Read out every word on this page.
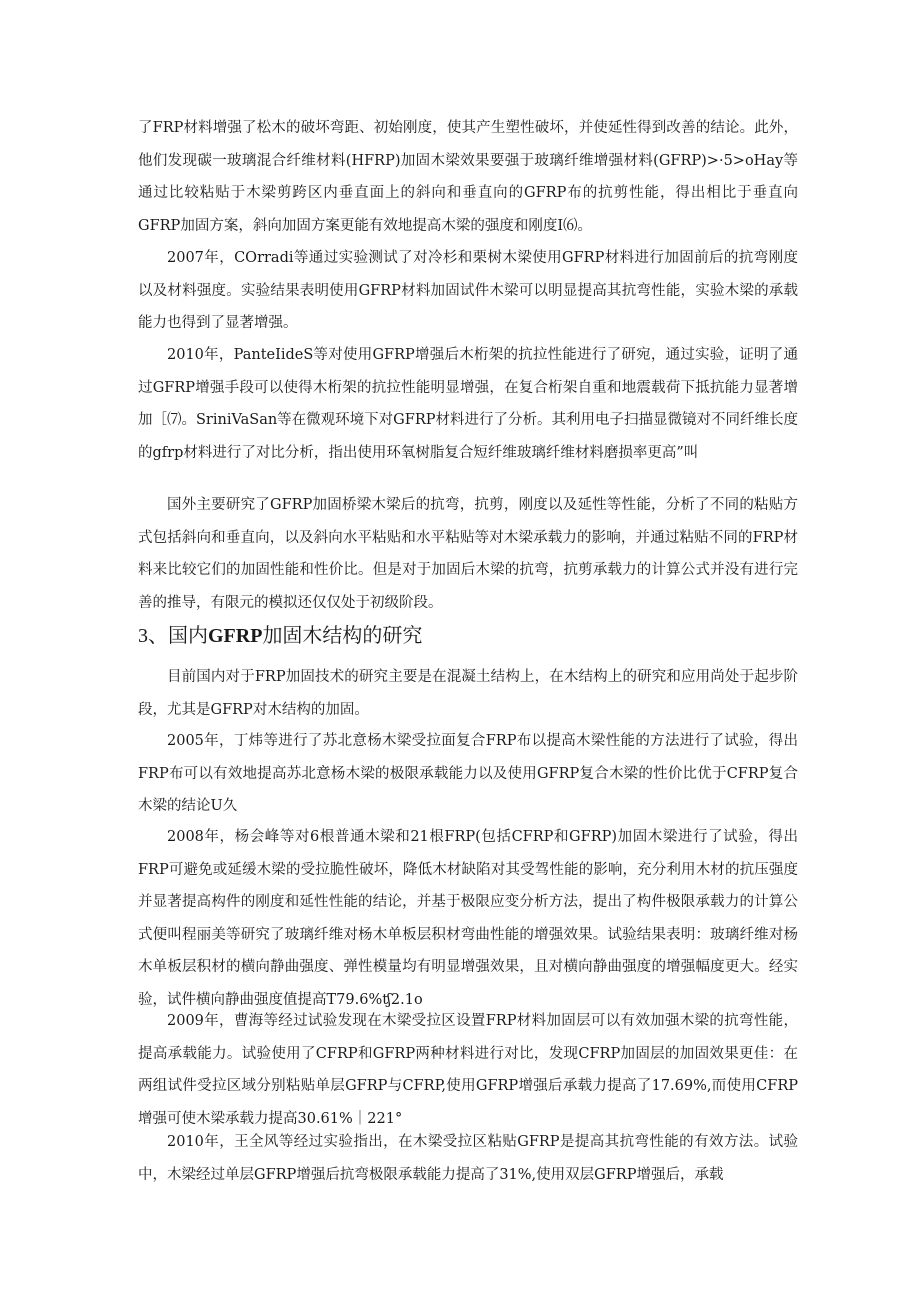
了FRP材料增强了松木的破坏弯距、初始刚度，使其产生塑性破坏，并使延性得到改善的结论。此外，他们发现碳一玻璃混合纤维材料(HFRP)加固木梁效果要强于玻璃纤维增强材料(GFRP)>·5>oHay等通过比较粘贴于木梁剪跨区内垂直面上的斜向和垂直向的GFRP布的抗剪性能，得出相比于垂直向GFRP加固方案，斜向加固方案更能有效地提高木梁的强度和刚度I⑹。
2007年，COrradi等通过实验测试了对冷杉和栗树木梁使用GFRP材料进行加固前后的抗弯刚度以及材料强度。实验结果表明使用GFRP材料加固试件木梁可以明显提高其抗弯性能，实验木梁的承载能力也得到了显著增强。
2010年，PanteIideS等对使用GFRP增强后木桁架的抗拉性能进行了研宛，通过实验，证明了通过GFRP增强手段可以使得木桁架的抗拉性能明显增强，在复合桁架自重和地震载荷下抵抗能力显著增加［⑺。SriniVaSan等在微观环境下对GFRP材料进行了分析。其利用电子扫描显微镜对不同纤维长度的gfrp材料进行了对比分析，指出使用环氧树脂复合短纤维玻璃纤维材料磨损率更高”叫
国外主要研究了GFRP加固桥梁木梁后的抗弯，抗剪，刚度以及延性等性能，分析了不同的粘贴方式包括斜向和垂直向，以及斜向水平粘贴和水平粘贴等对木梁承载力的影响，并通过粘贴不同的FRP材料来比较它们的加固性能和性价比。但是对于加固后木梁的抗弯，抗剪承载力的计算公式并没有进行完善的推导，有限元的模拟还仅仅处于初级阶段。
3、国内GFRP加固木结构的研究
目前国内对于FRP加固技术的研究主要是在混凝土结构上，在木结构上的研究和应用尚处于起步阶段，尤其是GFRP对木结构的加固。
2005年，丁炜等进行了苏北意杨木梁受拉面复合FRP布以提高木梁性能的方法进行了试验，得出FRP布可以有效地提高苏北意杨木梁的极限承载能力以及使用GFRP复合木梁的性价比优于CFRP复合木梁的结论U久
2008年，杨会峰等对6根普通木梁和21根FRP(包括CFRP和GFRP)加固木梁进行了试验，得出FRP可避免或延缓木梁的受拉脆性破坏，降低木材缺陷对其受驾性能的影响，充分利用木材的抗压强度并显著提高构件的刚度和延性性能的结论，并基于极限应变分析方法，提出了构件极限承载力的计算公式便叫程丽美等研究了玻璃纤维对杨木单板层积材弯曲性能的增强效果。试验结果表明：玻璃纤维对杨木单板层积材的横向静曲强度、弹性模量均有明显增强效果，且对横向静曲强度的增强幅度更大。经实验，试件横向静曲强度值提高T79.6%ʧ2.1o
2009年，曹海等经过试验发现在木梁受拉区设置FRP材料加固层可以有效加强木梁的抗弯性能，提高承载能力。试验使用了CFRP和GFRP两种材料进行对比，发现CFRP加固层的加固效果更佳：在两组试件受拉区域分别粘贴单层GFRP与CFRP,使用GFRP增强后承载力提高了17.69%,而使用CFRP增强可使木梁承载力提高30.61%｜221°
2010年，王全风等经过实验指出，在木梁受拉区粘贴GFRP是提高其抗弯性能的有效方法。试验中，木梁经过单层GFRP增强后抗弯极限承载能力提高了31%,使用双层GFRP增强后，承载
